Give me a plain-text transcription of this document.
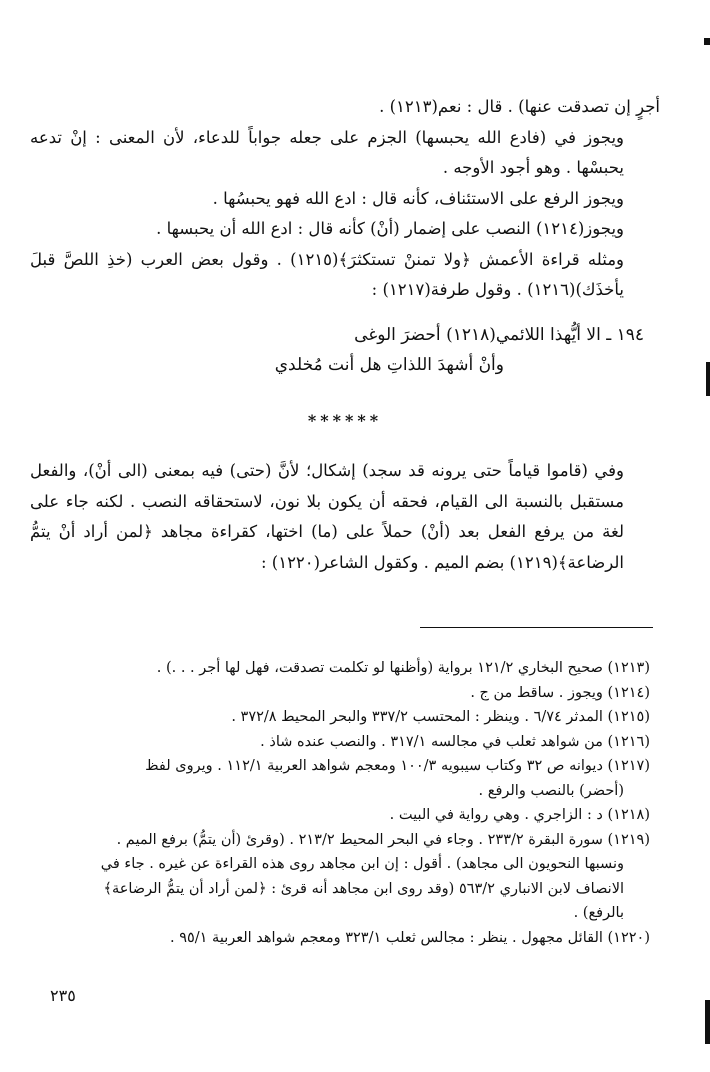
أجرٍ إن تصدقت عنها) . قال : نعم(١٢١٣) .

ويجوز في (فادع الله يحبسها) الجزم على جعله جواباً للدعاء، لأن المعنى : إنْ تدعه يحبسْها . وهو أجود الأوجه .

ويجوز الرفع على الاستئناف، كأنه قال : ادع الله فهو يحبسُها .

ويجوز(١٢١٤) النصب على إضمار (أنْ) كأنه قال : ادع الله أن يحبسها .

ومثله قراءة الأعمش ﴿ولا تمننْ تستكثرَ﴾(١٢١٥) . وقول بعض العرب (خذِ اللصَّ قبلَ يأخذَك)(١٢١٦) . وقول طرفة(١٢١٧) :

١٩٤ ـ الا أيُّهذا اللائمي(١٢١٨) أحضرَ الوغى
وأنْ أشهدَ اللذاتِ هل أنت مُخلدي
******

وفي (قاموا قياماً حتى يرونه قد سجد) إشكال؛ لأنَّ (حتى) فيه بمعنى (الى أنْ)، والفعل مستقبل بالنسبة الى القيام، فحقه أن يكون بلا نون، لاستحقاقه النصب . لكنه جاء على لغة من يرفع الفعل بعد (أنْ) حملاً على (ما) اختها، كقراءة مجاهد ﴿لمن أراد أنْ يتمُّ الرضاعة﴾(١٢١٩) بضم الميم . وكقول الشاعر(١٢٢٠) :

(١٢١٣) صحيح البخاري ١٢١/٢ برواية (وأظنها لو تكلمت تصدقت، فهل لها أجر . . .) .

(١٢١٤) ويجوز . ساقط من ج .

(١٢١٥) المدثر ٦/٧٤ . وينظر : المحتسب ٣٣٧/٢ والبحر المحيط ٣٧٢/٨ .

(١٢١٦) من شواهد ثعلب في مجالسه ٣١٧/١ . والنصب عنده شاذ .

(١٢١٧) ديوانه ص ٣٢ وكتاب سيبويه ١٠٠/٣ ومعجم شواهد العربية ١١٢/١ . ويروى لفظ

(أحضر) بالنصب والرفع .

(١٢١٨) د : الزاجري . وهي رواية في البيت .

(١٢١٩) سورة البقرة ٢٣٣/٢ . وجاء في البحر المحيط ٢١٣/٢ . (وقرئ (أن يتمُّ) برفع الميم .

ونسبها النحويون الى مجاهد) . أقول : إن ابن مجاهد روى هذه القراءة عن غيره . جاء في الانصاف لابن الانباري ٥٦٣/٢ (وقد روى ابن مجاهد أنه قرئ : ﴿لمن أراد أن يتمُّ الرضاعة﴾ بالرفع) .

(١٢٢٠) القائل مجهول . ينظر : مجالس ثعلب ٣٢٣/١ ومعجم شواهد العربية ٩٥/١ .

٢٣٥
